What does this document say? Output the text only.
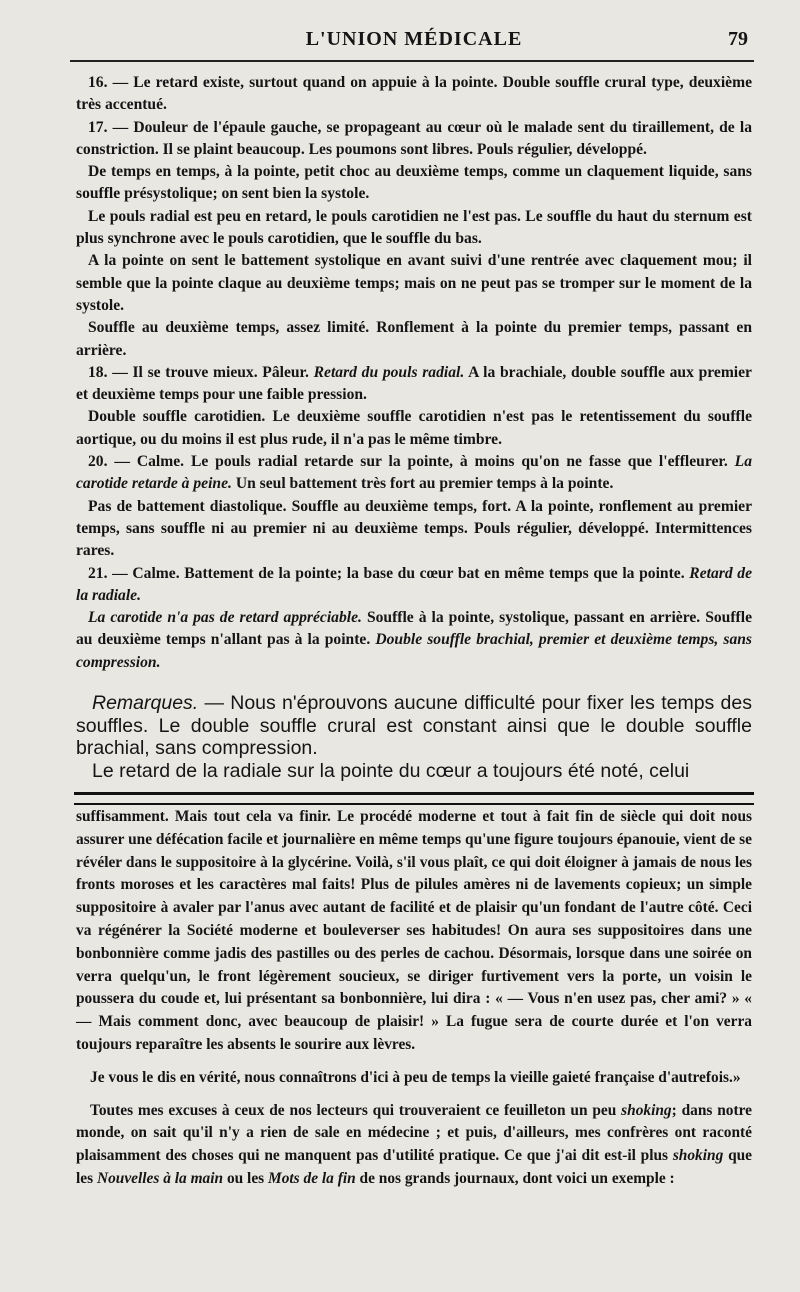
L'UNION MÉDICALE	79

16. — Le retard existe, surtout quand on appuie à la pointe. Double souffle crural type, deuxième très accentué.

17. — Douleur de l'épaule gauche, se propageant au cœur où le malade sent du tiraillement, de la constriction. Il se plaint beaucoup. Les poumons sont libres. Pouls régulier, développé.

De temps en temps, à la pointe, petit choc au deuxième temps, comme un claquement liquide, sans souffle présystolique; on sent bien la systole.

Le pouls radial est peu en retard, le pouls carotidien ne l'est pas. Le souffle du haut du sternum est plus synchrone avec le pouls carotidien, que le souffle du bas.

A la pointe on sent le battement systolique en avant suivi d'une rentrée avec claquement mou; il semble que la pointe claque au deuxième temps; mais on ne peut pas se tromper sur le moment de la systole.

Souffle au deuxième temps, assez limité. Ronflement à la pointe du premier temps, passant en arrière.

18. — Il se trouve mieux. Pâleur. Retard du pouls radial. A la brachiale, double souffle aux premier et deuxième temps pour une faible pression.

Double souffle carotidien. Le deuxième souffle carotidien n'est pas le retentissement du souffle aortique, ou du moins il est plus rude, il n'a pas le même timbre.

20. — Calme. Le pouls radial retarde sur la pointe, à moins qu'on ne fasse que l'effleurer. La carotide retarde à peine. Un seul battement très fort au premier temps à la pointe.

Pas de battement diastolique. Souffle au deuxième temps, fort. A la pointe, ronflement au premier temps, sans souffle ni au premier ni au deuxième temps. Pouls régulier, développé. Intermittences rares.

21. — Calme. Battement de la pointe; la base du cœur bat en même temps que la pointe. Retard de la radiale.

La carotide n'a pas de retard appréciable. Souffle à la pointe, systolique, passant en arrière. Souffle au deuxième temps n'allant pas à la pointe. Double souffle brachial, premier et deuxième temps, sans compression.

Remarques. — Nous n'éprouvons aucune difficulté pour fixer les temps des souffles. Le double souffle crural est constant ainsi que le double souffle brachial, sans compression.

Le retard de la radiale sur la pointe du cœur a toujours été noté, celui

suffisamment. Mais tout cela va finir. Le procédé moderne et tout à fait fin de siècle qui doit nous assurer une défécation facile et journalière en même temps qu'une figure toujours épanouie, vient de se révéler dans le suppositoire à la glycérine. Voilà, s'il vous plaît, ce qui doit éloigner à jamais de nous les fronts moroses et les caractères mal faits! Plus de pilules amères ni de lavements copieux; un simple suppositoire à avaler par l'anus avec autant de facilité et de plaisir qu'un fondant de l'autre côté. Ceci va régénérer la Société moderne et bouleverser ses habitudes! On aura ses suppositoires dans une bonbonnière comme jadis des pastilles ou des perles de cachou. Désormais, lorsque dans une soirée on verra quelqu'un, le front légèrement soucieux, se diriger furtivement vers la porte, un voisin le poussera du coude et, lui présentant sa bonbonnière, lui dira : « — Vous n'en usez pas, cher ami? » « — Mais comment donc, avec beaucoup de plaisir! » La fugue sera de courte durée et l'on verra toujours reparaître les absents le sourire aux lèvres.

Je vous le dis en vérité, nous connaîtrons d'ici à peu de temps la vieille gaieté française d'autrefois.»

Toutes mes excuses à ceux de nos lecteurs qui trouveraient ce feuilleton un peu shoking; dans notre monde, on sait qu'il n'y a rien de sale en médecine ; et puis, d'ailleurs, mes confrères ont raconté plaisamment des choses qui ne manquent pas d'utilité pratique. Ce que j'ai dit est-il plus shoking que les Nouvelles à la main ou les Mots de la fin de nos grands journaux, dont voici un exemple :
